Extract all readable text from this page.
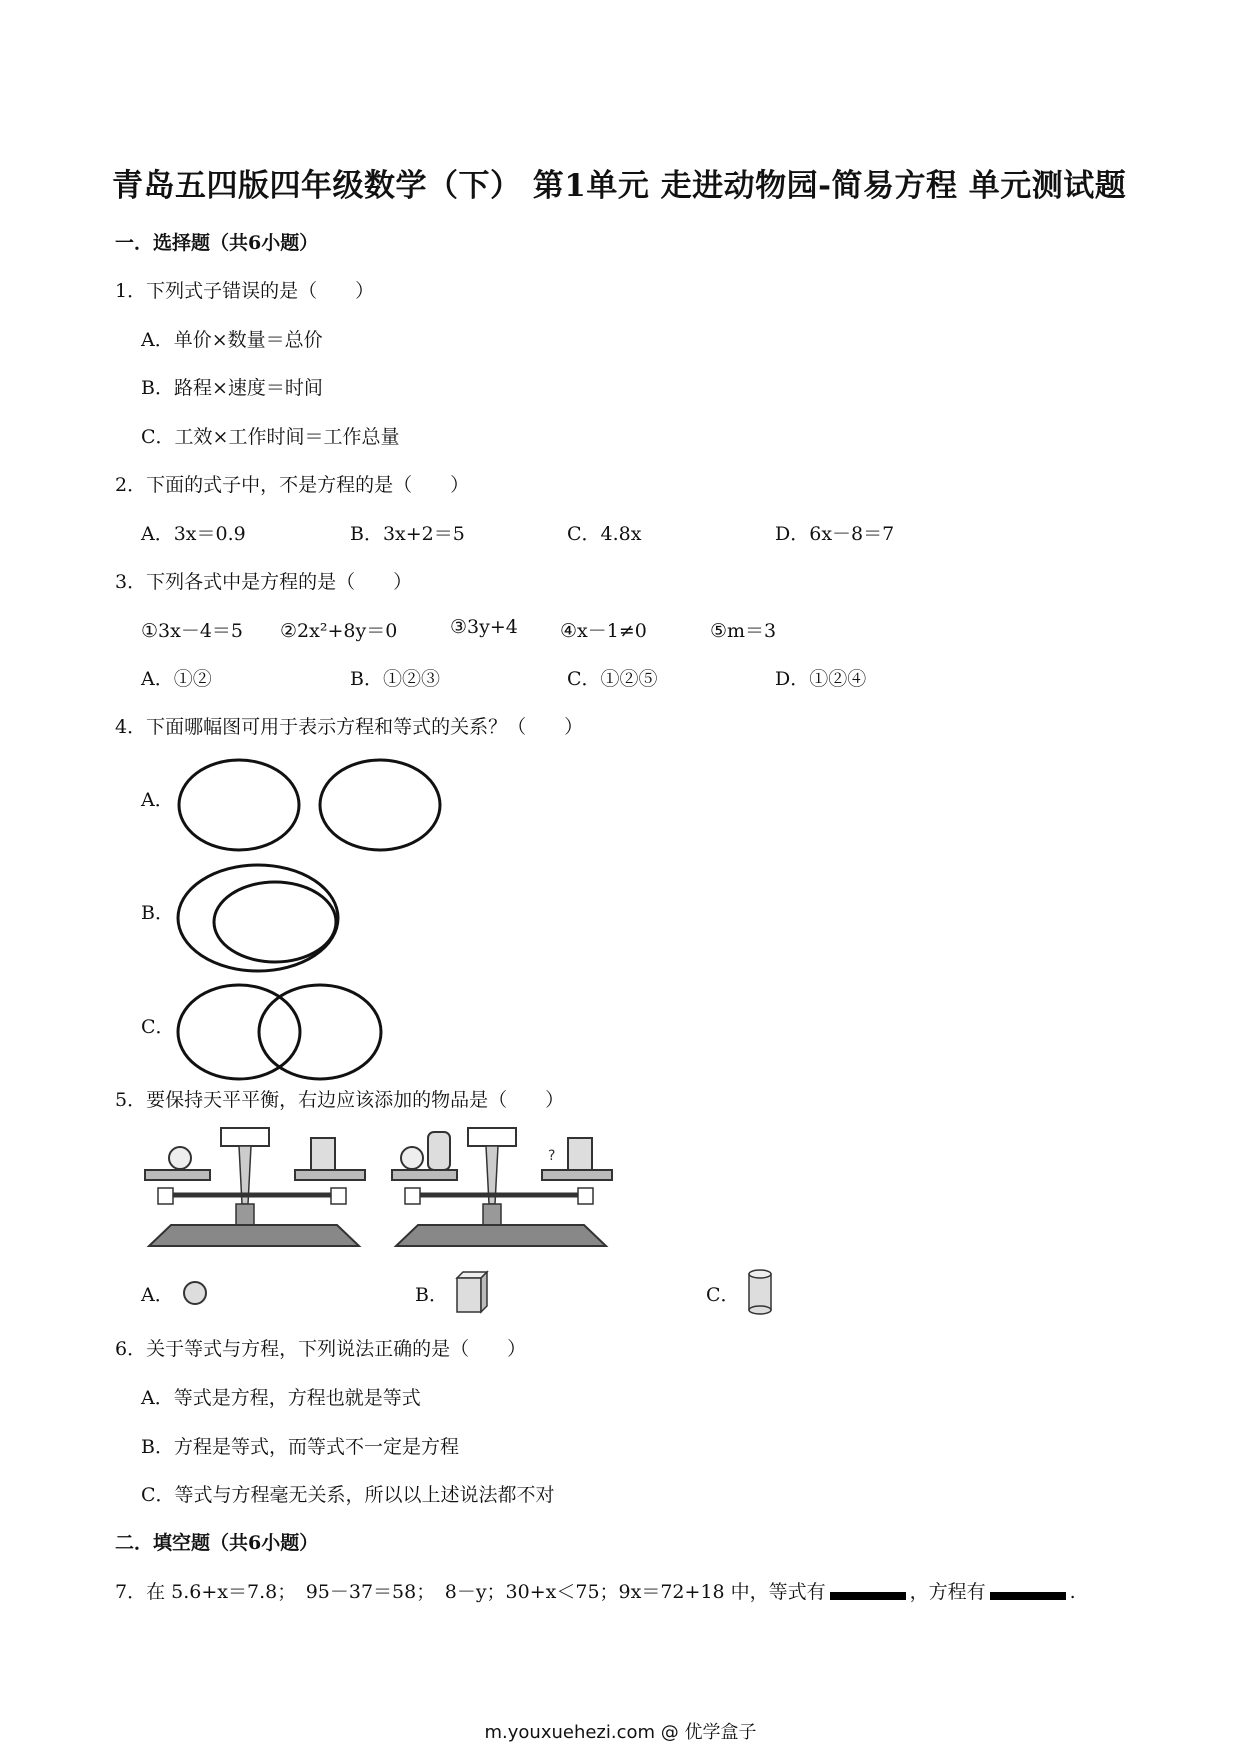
青岛五四版四年级数学（下） 第1单元 走进动物园-简易方程 单元测试题
一．选择题（共6小题）
1．下列式子错误的是（　　）
A．单价×数量＝总价
B．路程×速度＝时间
C．工效×工作时间＝工作总量
2．下面的式子中，不是方程的是（　　）
A．3x＝0.9	B．3x+2＝5	C．4.8x	D．6x－8＝7
3．下列各式中是方程的是（　　）
①3x－4＝5 ②2x²+8y＝0	③3y+4 ④x－1≠0	⑤m＝3
A．①②	B．①②③	C．①②⑤	D．①②④
4．下面哪幅图可用于表示方程和等式的关系？（　　）
A．
B．
C．
5．要保持天平平衡，右边应该添加的物品是（　　）
?
A．	B．	C．
6．关于等式与方程，下列说法正确的是（　　）
A．等式是方程，方程也就是等式
B．方程是等式，而等式不一定是方程
C．等式与方程毫无关系，所以以上述说法都不对
二．填空题（共6小题）
7．在 5.6+x＝7.8；　95－37＝58；　8－y；30+x＜75；9x＝72+18 中，等式有	，方程有	.
m.youxuehezi.com @ 优学盒子
